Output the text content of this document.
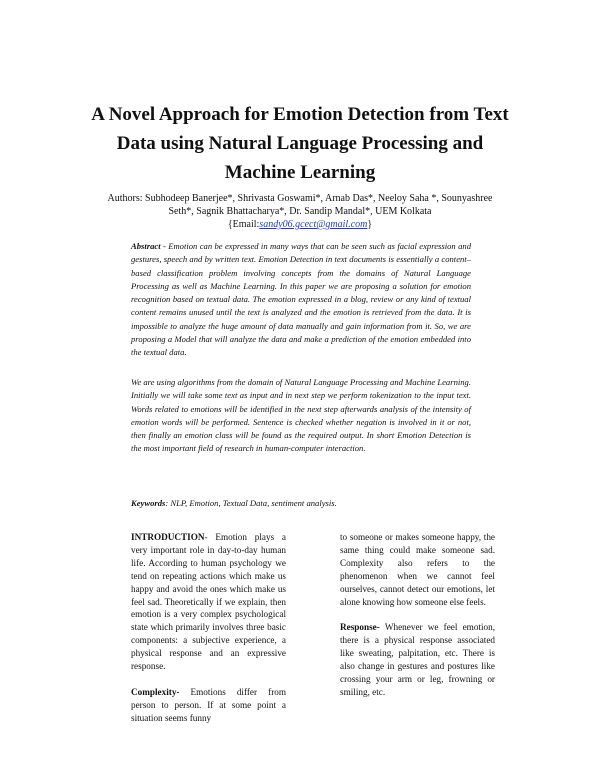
A Novel Approach for Emotion Detection from Text Data using Natural Language Processing and Machine Learning
Authors: Subhodeep Banerjee*, Shrivasta Goswami*, Arnab Das*, Neeloy Saha *, Sounyashree
Seth*, Sagnik Bhattacharya*, Dr. Sandip Mandal*, UEM Kolkata
{Email:sandy06.gcect@gmail.com}
Abstract - Emotion can be expressed in many ways that can be seen such as facial expression and gestures, speech and by written text. Emotion Detection in text documents is essentially a content– based classification problem involving concepts from the domains of Natural Language Processing as well as Machine Learning. In this paper we are proposing a solution for emotion recognition based on textual data. The emotion expressed in a blog, review or any kind of textual content remains unused until the text is analyzed and the emotion is retrieved from the data. It is impossible to analyze the huge amount of data manually and gain information from it. So, we are proposing a Model that will analyze the data and make a prediction of the emotion embedded into the textual data.
We are using algorithms from the domain of Natural Language Processing and Machine Learning. Initially we will take some text as input and in next step we perform tokenization to the input text. Words related to emotions will be identified in the next step afterwards analysis of the intensity of emotion words will be performed. Sentence is checked whether negation is involved in it or not, then finally an emotion class will be found as the required output. In short Emotion Detection is the most important field of research in human-computer interaction.
Keywords: NLP, Emotion, Textual Data, sentiment analysis.

INTRODUCTION- Emotion plays a very important role in day-to-day human life. According to human psychology we tend on repeating actions which make us happy and avoid the ones which make us feel sad. Theoretically if we explain, then emotion is a very complex psychological state which primarily involves three basic components: a subjective experience, a physical response and an expressive response.

Complexity- Emotions differ from person to person. If at some point a situation seems funny

to someone or makes someone happy, the same thing could make someone sad. Complexity also refers to the phenomenon when we cannot feel ourselves, cannot detect our emotions, let alone knowing how someone else feels.

Response- Whenever we feel emotion, there is a physical response associated like sweating, palpitation, etc. There is also change in gestures and postures like crossing your arm or leg, frowning or smiling, etc.
